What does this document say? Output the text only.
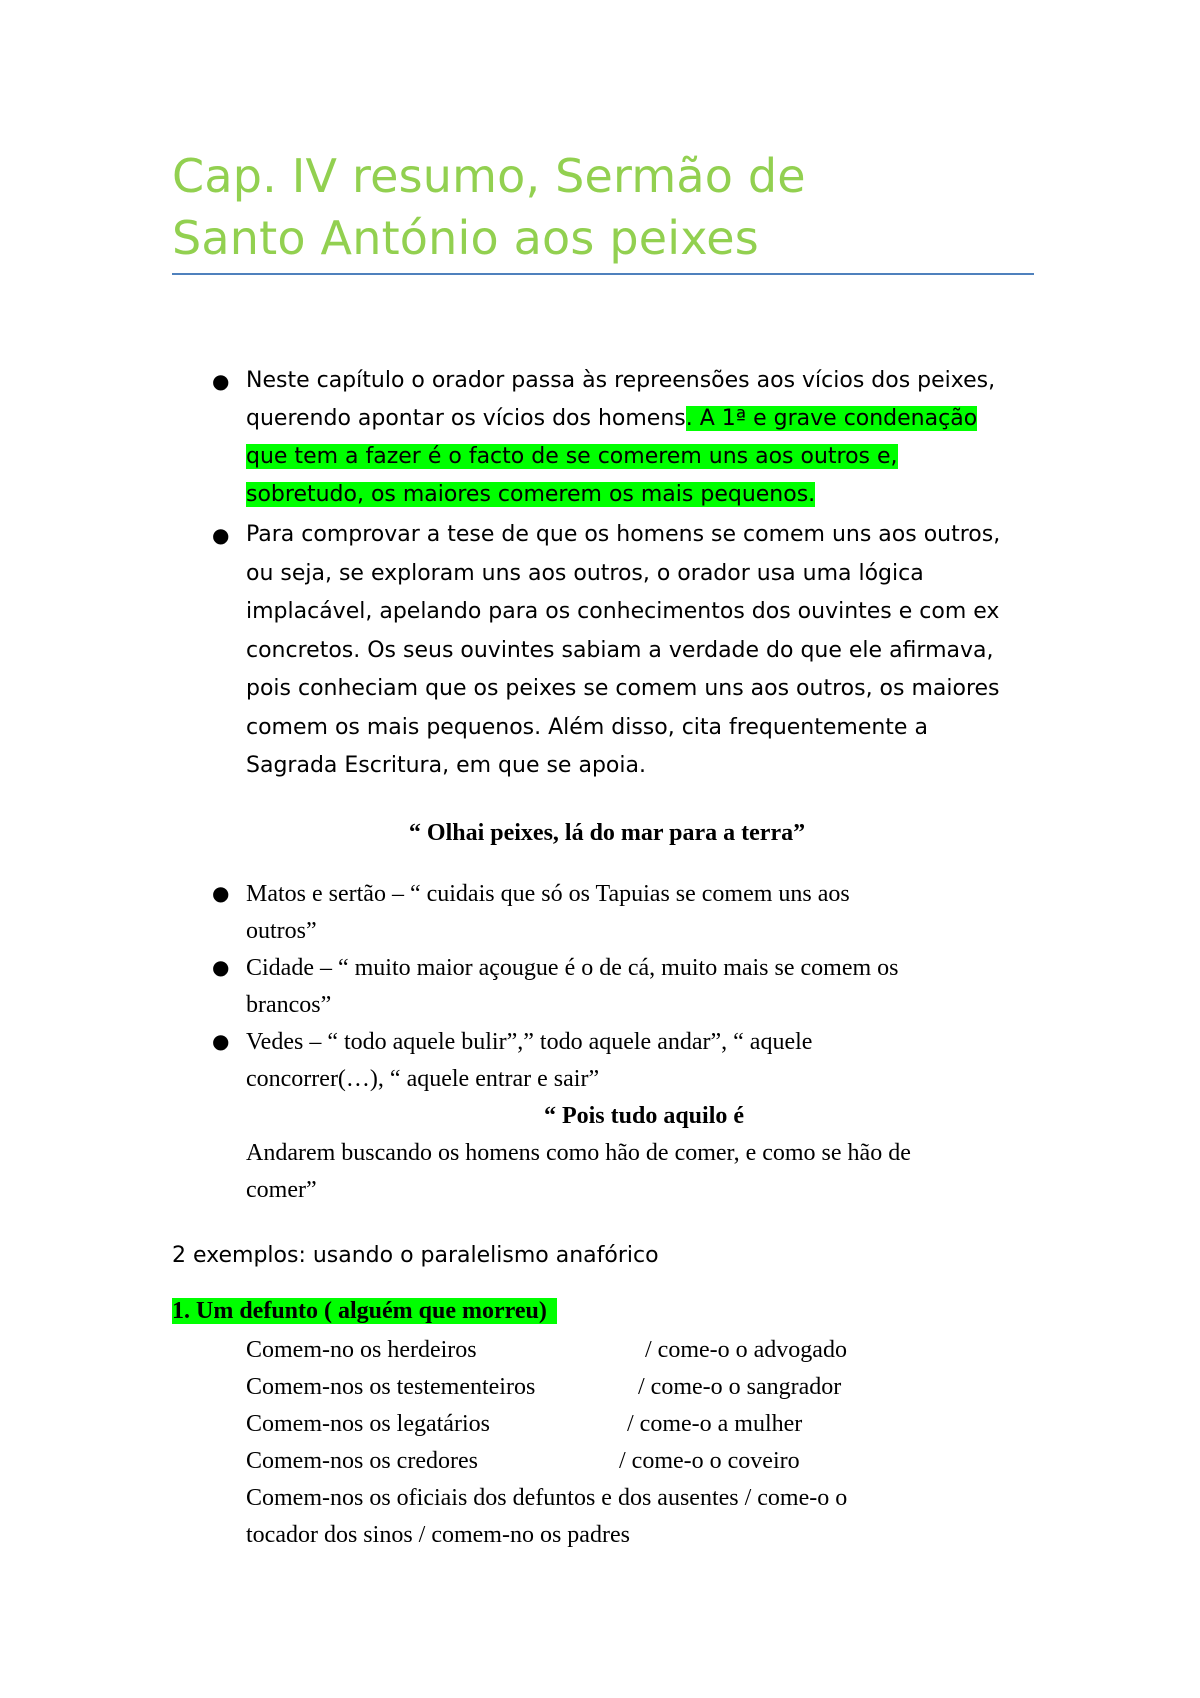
Cap. IV resumo, Sermão de
Santo António aos peixes
● Neste capítulo o orador passa às repreensões aos vícios dos peixes,
querendo apontar os vícios dos homens. A 1ª e grave condenação
que tem a fazer é o facto de se comerem uns aos outros e,
sobretudo, os maiores comerem os mais pequenos.
● Para comprovar a tese de que os homens se comem uns aos outros,
ou seja, se exploram uns aos outros, o orador usa uma lógica
implacável, apelando para os conhecimentos dos ouvintes e com ex
concretos. Os seus ouvintes sabiam a verdade do que ele afirmava,
pois conheciam que os peixes se comem uns aos outros, os maiores
comem os mais pequenos. Além disso, cita frequentemente a
Sagrada Escritura, em que se apoia.
“ Olhai peixes, lá do mar para a terra”
● Matos e sertão – “ cuidais que só os Tapuias se comem uns aos
outros”
● Cidade – “ muito maior açougue é o de cá, muito mais se comem os
brancos”
● Vedes – “ todo aquele bulir”,” todo aquele andar”, “ aquele
concorrer(…), “ aquele entrar e sair”
“ Pois tudo aquilo é
Andarem buscando os homens como hão de comer, e como se hão de
comer”
2 exemplos: usando o paralelismo anafórico
1. Um defunto ( alguém que morreu)
Comem-no os herdeiros	/ come-o o advogado
Comem-nos os testementeiros	/ come-o o sangrador
Comem-nos os legatários	/ come-o a mulher
Comem-nos os credores	/ come-o o coveiro
Comem-nos os oficiais dos defuntos e dos ausentes / come-o o
tocador dos sinos / comem-no os padres
